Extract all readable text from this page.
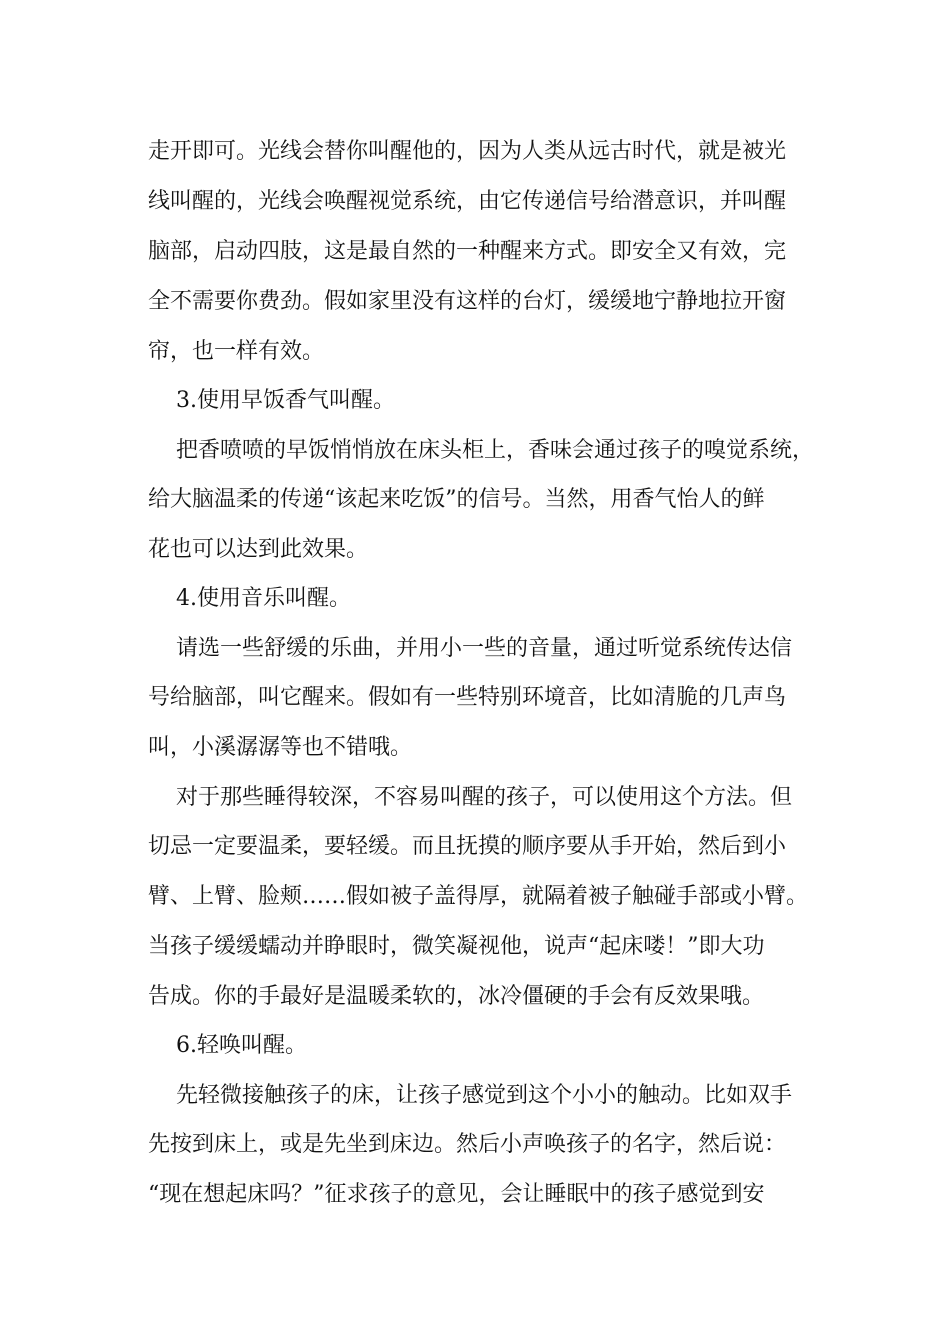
走开即可。光线会替你叫醒他的，因为人类从远古时代，就是被光
线叫醒的，光线会唤醒视觉系统，由它传递信号给潜意识，并叫醒
脑部，启动四肢，这是最自然的一种醒来方式。即安全又有效，完
全不需要你费劲。假如家里没有这样的台灯，缓缓地宁静地拉开窗
帘，也一样有效。
3.使用早饭香气叫醒。
把香喷喷的早饭悄悄放在床头柜上，香味会通过孩子的嗅觉系统，
给大脑温柔的传递“该起来吃饭”的信号。当然，用香气怡人的鲜
花也可以达到此效果。
4.使用音乐叫醒。
请选一些舒缓的乐曲，并用小一些的音量，通过听觉系统传达信
号给脑部，叫它醒来。假如有一些特别环境音，比如清脆的几声鸟
叫，小溪潺潺等也不错哦。
对于那些睡得较深，不容易叫醒的孩子，可以使用这个方法。但
切忌一定要温柔，要轻缓。而且抚摸的顺序要从手开始，然后到小
臂、上臂、脸颊……假如被子盖得厚，就隔着被子触碰手部或小臂。
当孩子缓缓蠕动并睁眼时，微笑凝视他，说声“起床喽！”即大功
告成。你的手最好是温暖柔软的，冰冷僵硬的手会有反效果哦。
6.轻唤叫醒。
先轻微接触孩子的床，让孩子感觉到这个小小的触动。比如双手
先按到床上，或是先坐到床边。然后小声唤孩子的名字，然后说：
“现在想起床吗？”征求孩子的意见，会让睡眠中的孩子感觉到安
